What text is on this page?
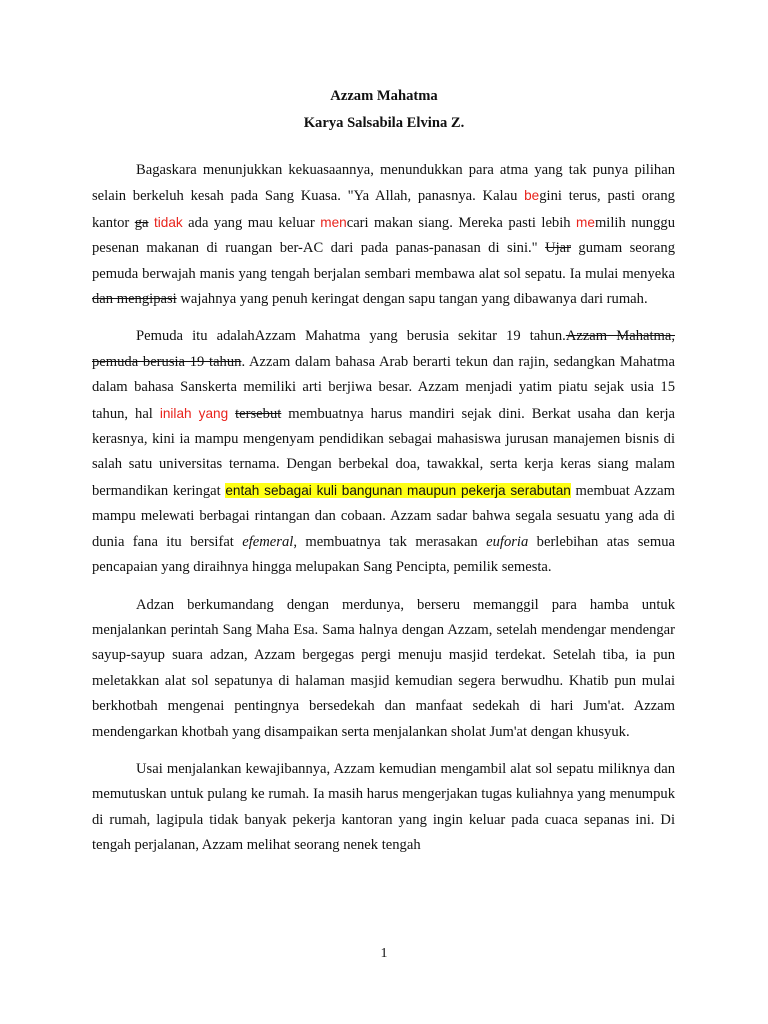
Azzam Mahatma
Karya Salsabila Elvina Z.

Bagaskara menunjukkan kekuasaannya, menundukkan para atma yang tak punya pilihan selain berkeluh kesah pada Sang Kuasa. "Ya Allah, panasnya. Kalau begini terus, pasti orang kantor ga tidak ada yang mau keluar mencari makan siang. Mereka pasti lebih memilih nunggu pesenan makanan di ruangan ber-AC dari pada panas-panasan di sini." Ujar gumam seorang pemuda berwajah manis yang tengah berjalan sembari membawa alat sol sepatu. Ia mulai menyeka dan mengipasi wajahnya yang penuh keringat dengan sapu tangan yang dibawanya dari rumah.

Pemuda itu adalahAzzam Mahatma yang berusia sekitar 19 tahun.Azzam Mahatma, pemuda berusia 19 tahun. Azzam dalam bahasa Arab berarti tekun dan rajin, sedangkan Mahatma dalam bahasa Sanskerta memiliki arti berjiwa besar. Azzam menjadi yatim piatu sejak usia 15 tahun, hal inilah yang tersebut membuatnya harus mandiri sejak dini. Berkat usaha dan kerja kerasnya, kini ia mampu mengenyam pendidikan sebagai mahasiswa jurusan manajemen bisnis di salah satu universitas ternama. Dengan berbekal doa, tawakkal, serta kerja keras siang malam bermandikan keringat entah sebagai kuli bangunan maupun pekerja serabutan membuat Azzam mampu melewati berbagai rintangan dan cobaan. Azzam sadar bahwa segala sesuatu yang ada di dunia fana itu bersifat efemeral, membuatnya tak merasakan euforia berlebihan atas semua pencapaian yang diraihnya hingga melupakan Sang Pencipta, pemilik semesta.

Adzan berkumandang dengan merdunya, berseru memanggil para hamba untuk menjalankan perintah Sang Maha Esa. Sama halnya dengan Azzam, setelah mendengar mendengar sayup-sayup suara adzan, Azzam bergegas pergi menuju masjid terdekat. Setelah tiba, ia pun meletakkan alat sol sepatunya di halaman masjid kemudian segera berwudhu. Khatib pun mulai berkhotbah mengenai pentingnya bersedekah dan manfaat sedekah di hari Jum'at. Azzam mendengarkan khotbah yang disampaikan serta menjalankan sholat Jum'at dengan khusyuk.

Usai menjalankan kewajibannya, Azzam kemudian mengambil alat sol sepatu miliknya dan memutuskan untuk pulang ke rumah. Ia masih harus mengerjakan tugas kuliahnya yang menumpuk di rumah, lagipula tidak banyak pekerja kantoran yang ingin keluar pada cuaca sepanas ini. Di tengah perjalanan, Azzam melihat seorang nenek tengah

1
